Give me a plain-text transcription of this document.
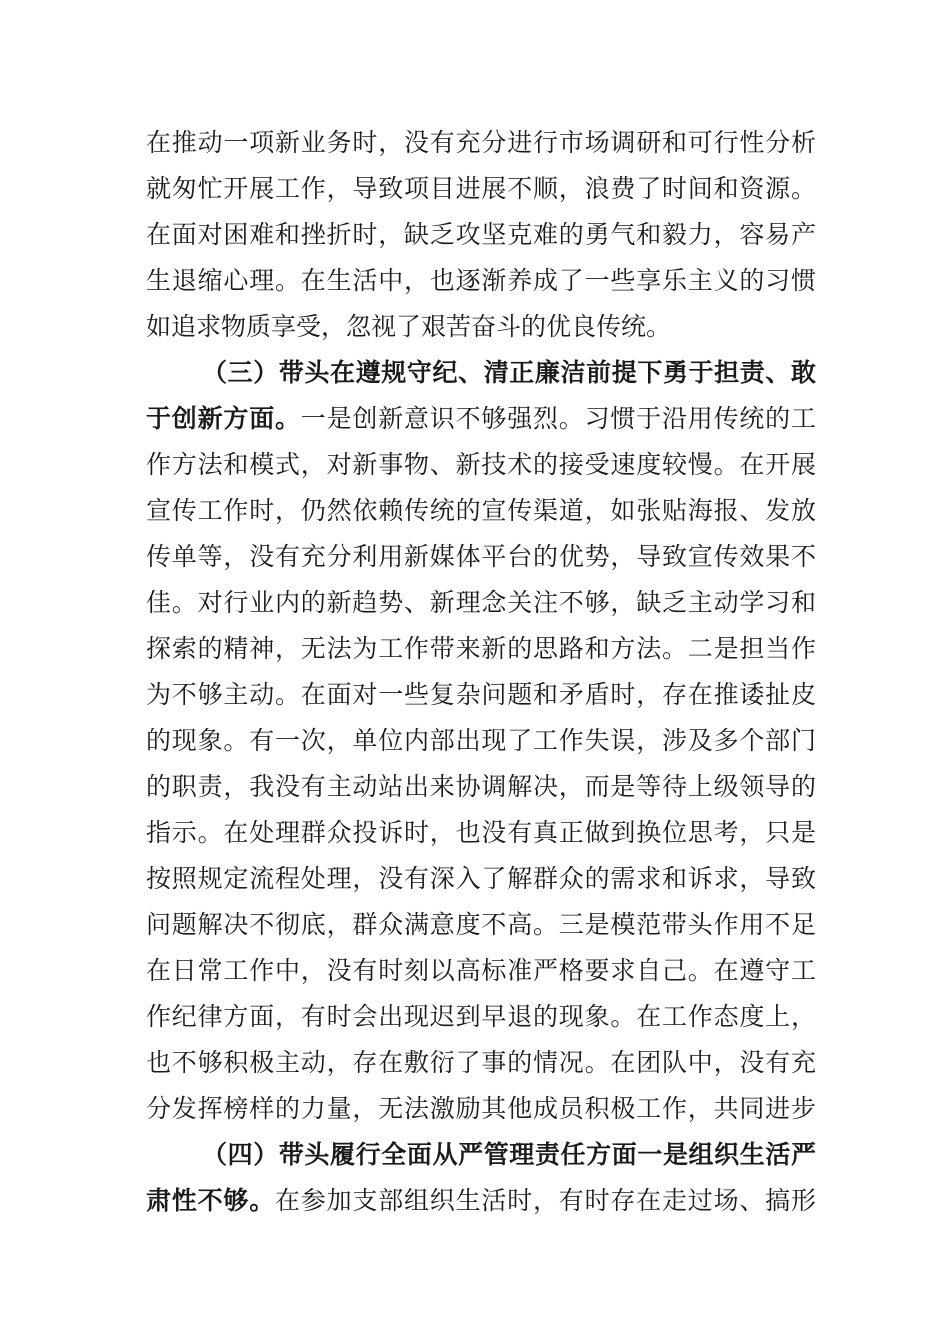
在推动一项新业务时，没有充分进行市场调研和可行性分析
就匆忙开展工作，导致项目进展不顺，浪费了时间和资源。
在面对困难和挫折时，缺乏攻坚克难的勇气和毅力，容易产
生退缩心理。在生活中，也逐渐养成了一些享乐主义的习惯
如追求物质享受，忽视了艰苦奋斗的优良传统。
（三）带头在遵规守纪、清正廉洁前提下勇于担责、敢
于创新方面。一是创新意识不够强烈。习惯于沿用传统的工
作方法和模式，对新事物、新技术的接受速度较慢。在开展
宣传工作时，仍然依赖传统的宣传渠道，如张贴海报、发放
传单等，没有充分利用新媒体平台的优势，导致宣传效果不
佳。对行业内的新趋势、新理念关注不够，缺乏主动学习和
探索的精神，无法为工作带来新的思路和方法。二是担当作
为不够主动。在面对一些复杂问题和矛盾时，存在推诿扯皮
的现象。有一次，单位内部出现了工作失误，涉及多个部门
的职责，我没有主动站出来协调解决，而是等待上级领导的
指示。在处理群众投诉时，也没有真正做到换位思考，只是
按照规定流程处理，没有深入了解群众的需求和诉求，导致
问题解决不彻底，群众满意度不高。三是模范带头作用不足
在日常工作中，没有时刻以高标准严格要求自己。在遵守工
作纪律方面，有时会出现迟到早退的现象。在工作态度上，
也不够积极主动，存在敷衍了事的情况。在团队中，没有充
分发挥榜样的力量，无法激励其他成员积极工作，共同进步
（四）带头履行全面从严管理责任方面一是组织生活严
肃性不够。在参加支部组织生活时，有时存在走过场、搞形
